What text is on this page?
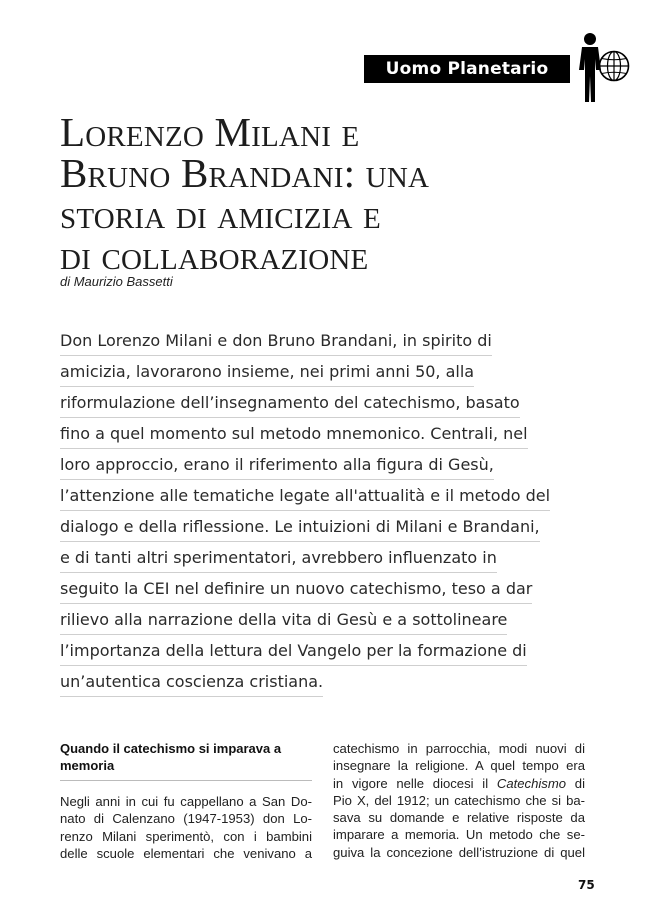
Uomo Planetario
Lorenzo Milani e
Bruno Brandani: una
storia di amicizia e
di collaborazione
di Maurizio Bassetti
Don Lorenzo Milani e don Bruno Brandani, in spirito di
amicizia, lavorarono insieme, nei primi anni 50, alla
riformulazione dell’insegnamento del catechismo, basato
fino a quel momento sul metodo mnemonico. Centrali, nel
loro approccio, erano il riferimento alla figura di Gesù,
l’attenzione alle tematiche legate all'attualità e il metodo del
dialogo e della riflessione. Le intuizioni di Milani e Brandani,
e di tanti altri sperimentatori, avrebbero influenzato in
seguito la CEI nel definire un nuovo catechismo, teso a dar
rilievo alla narrazione della vita di Gesù e a sottolineare
l’importanza della lettura del Vangelo per la formazione di
un’autentica coscienza cristiana.
Quando il catechismo si imparava a memoria
Negli anni in cui fu cappellano a San Do-
nato di Calenzano (1947-1953) don Lo-
renzo Milani sperimentò, con i bambini
delle scuole elementari che venivano a
catechismo in parrocchia, modi nuovi di
insegnare la religione. A quel tempo era
in vigore nelle diocesi il Catechismo di
Pio X, del 1912; un catechismo che si ba-
sava su domande e relative risposte da
imparare a memoria. Un metodo che se-
guiva la concezione dell’istruzione di quel
75
